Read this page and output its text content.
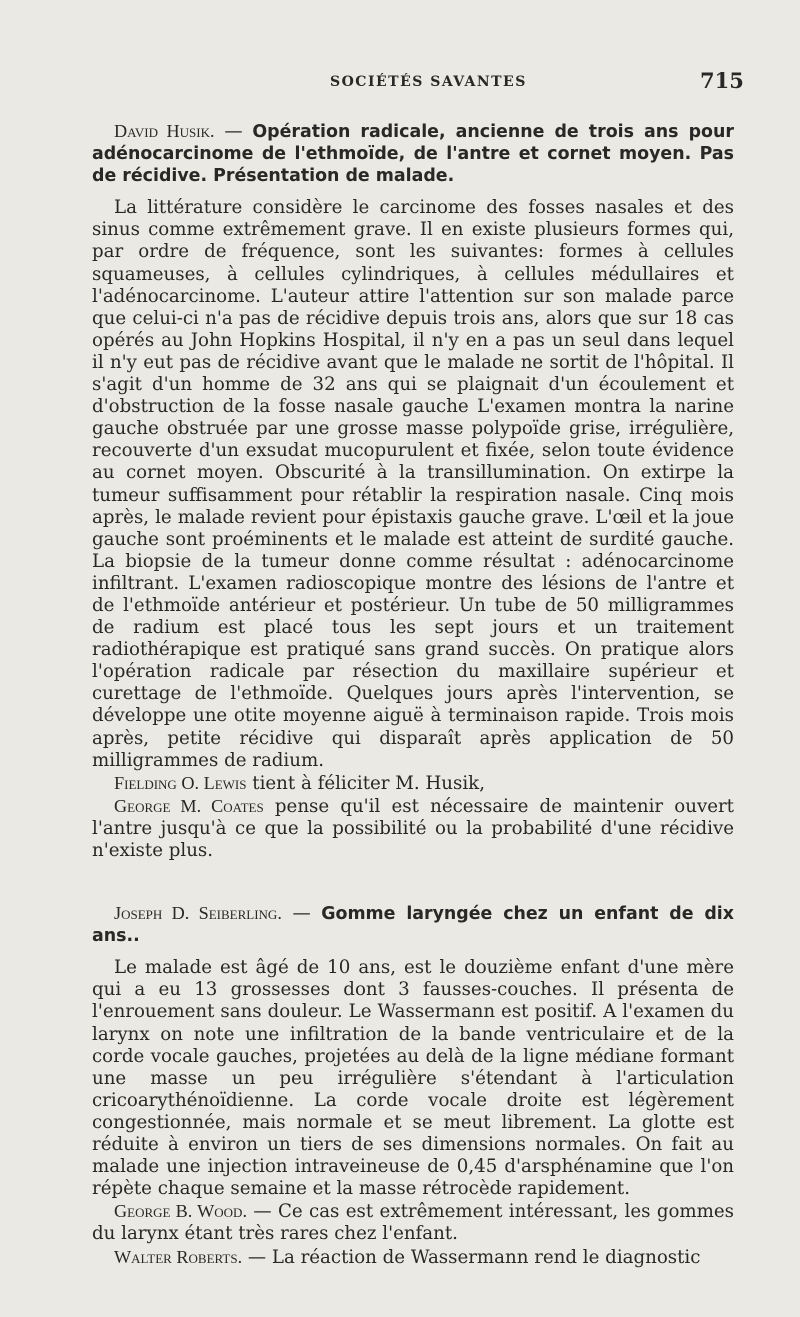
SOCIÉTÉS SAVANTES	715
David Husik. — Opération radicale, ancienne de trois ans pour adénocarcinome de l'ethmoïde, de l'antre et cornet moyen. Pas de récidive. Présentation de malade.

La littérature considère le carcinome des fosses nasales et des sinus comme extrêmement grave. Il en existe plusieurs formes qui, par ordre de fréquence, sont les suivantes: formes à cellules squameuses, à cellules cylindriques, à cellules médullaires et l'adénocarcinome. L'auteur attire l'attention sur son malade parce que celui-ci n'a pas de récidive depuis trois ans, alors que sur 18 cas opérés au John Hopkins Hospital, il n'y en a pas un seul dans lequel il n'y eut pas de récidive avant que le malade ne sortit de l'hôpital. Il s'agit d'un homme de 32 ans qui se plaignait d'un écoulement et d'obstruction de la fosse nasale gauche L'examen montra la narine gauche obstruée par une grosse masse polypoïde grise, irrégulière, recouverte d'un exsudat mucopurulent et fixée, selon toute évidence au cornet moyen. Obscurité à la transillumination. On extirpe la tumeur suffisamment pour rétablir la respiration nasale. Cinq mois après, le malade revient pour épistaxis gauche grave. L'œil et la joue gauche sont proéminents et le malade est atteint de surdité gauche. La biopsie de la tumeur donne comme résultat : adénocarcinome infiltrant. L'examen radioscopique montre des lésions de l'antre et de l'ethmoïde antérieur et postérieur. Un tube de 50 milligrammes de radium est placé tous les sept jours et un traitement radiothérapique est pratiqué sans grand succès. On pratique alors l'opération radicale par résection du maxillaire supérieur et curettage de l'ethmoïde. Quelques jours après l'intervention, se développe une otite moyenne aiguë à terminaison rapide. Trois mois après, petite récidive qui disparaît après application de 50 milligrammes de radium.

Fielding O. Lewis tient à féliciter M. Husik,

George M. Coates pense qu'il est nécessaire de maintenir ouvert l'antre jusqu'à ce que la possibilité ou la probabilité d'une récidive n'existe plus.

Joseph D. Seiberling. — Gomme laryngée chez un enfant de dix ans..

Le malade est âgé de 10 ans, est le douzième enfant d'une mère qui a eu 13 grossesses dont 3 fausses-couches. Il présenta de l'enrouement sans douleur. Le Wassermann est positif. A l'examen du larynx on note une infiltration de la bande ventriculaire et de la corde vocale gauches, projetées au delà de la ligne médiane formant une masse un peu irrégulière s'étendant à l'articulation cricoarythénoïdienne. La corde vocale droite est légèrement congestionnée, mais normale et se meut librement. La glotte est réduite à environ un tiers de ses dimensions normales. On fait au malade une injection intraveineuse de 0,45 d'arsphénamine que l'on répète chaque semaine et la masse rétrocède rapidement.

George B. Wood. — Ce cas est extrêmement intéressant, les gommes du larynx étant très rares chez l'enfant.

Walter Roberts. — La réaction de Wassermann rend le diagnostic
